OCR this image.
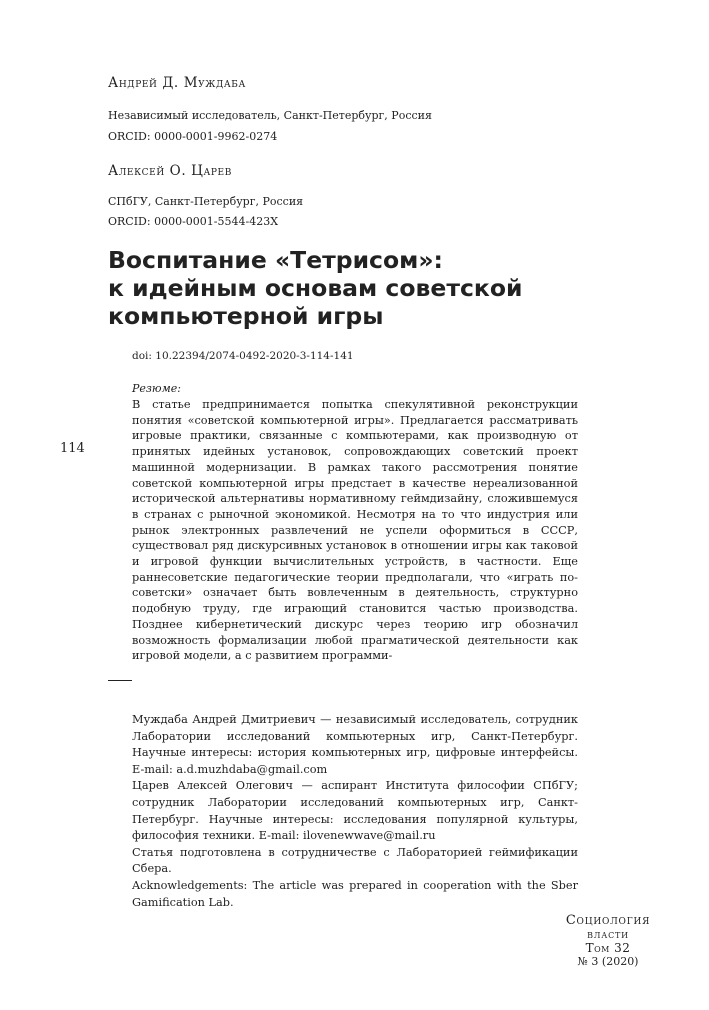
Андрей Д. Муждаба
Независимый исследователь, Санкт-Петербург, Россия
ORCID: 0000-0001-9962-0274
Алексей О. Царев
СПбГУ, Санкт-Петербург, Россия
ORCID: 0000-0001-5544-423X
Воспитание «Тетрисом»:
к идейным основам советской
компьютерной игры
doi: 10.22394/2074-0492-2020-3-114-141
Резюме:
В статье предпринимается попытка спекулятивной реконструкции понятия «советской компьютерной игры». Предлагается рассматривать игровые практики, связанные с компьютерами, как производную от принятых идейных установок, сопровождающих советский проект машинной модернизации. В рамках такого рассмотрения понятие советской компьютерной игры предстает в качестве нереализованной исторической альтернативы нормативному геймдизайну, сложившемуся в странах с рыночной экономикой. Несмотря на то что индустрия или рынок электронных развлечений не успели оформиться в СССР, существовал ряд дискурсивных установок в отношении игры как таковой и игровой функции вычислительных устройств, в частности. Еще раннесоветские педагогические теории предполагали, что «играть по-советски» означает быть вовлеченным в деятельность, структурно подобную труду, где играющий становится частью производства. Позднее кибернетический дискурс через теорию игр обозначил возможность формализации любой прагматической деятельности как игровой модели, а с развитием программи-
114

Муждаба Андрей Дмитриевич — независимый исследователь, сотрудник Лаборатории исследований компьютерных игр, Санкт-Петербург. Научные интересы: история компьютерных игр, цифровые интерфейсы. E-mail: a.d.muzhdaba@gmail.com

Царев Алексей Олегович — аспирант Института философии СПбГУ; сотрудник Лаборатории исследований компьютерных игр, Санкт-Петербург. Научные интересы: исследования популярной культуры, философия техники. E-mail: ilovenewwave@mail.ru

Статья подготовлена в сотрудничестве с Лабораторией геймификации Сбера.

Acknowledgements: The article was prepared in cooperation with the Sber Gamification Lab.

Социология
власти
Том 32
№ 3 (2020)
